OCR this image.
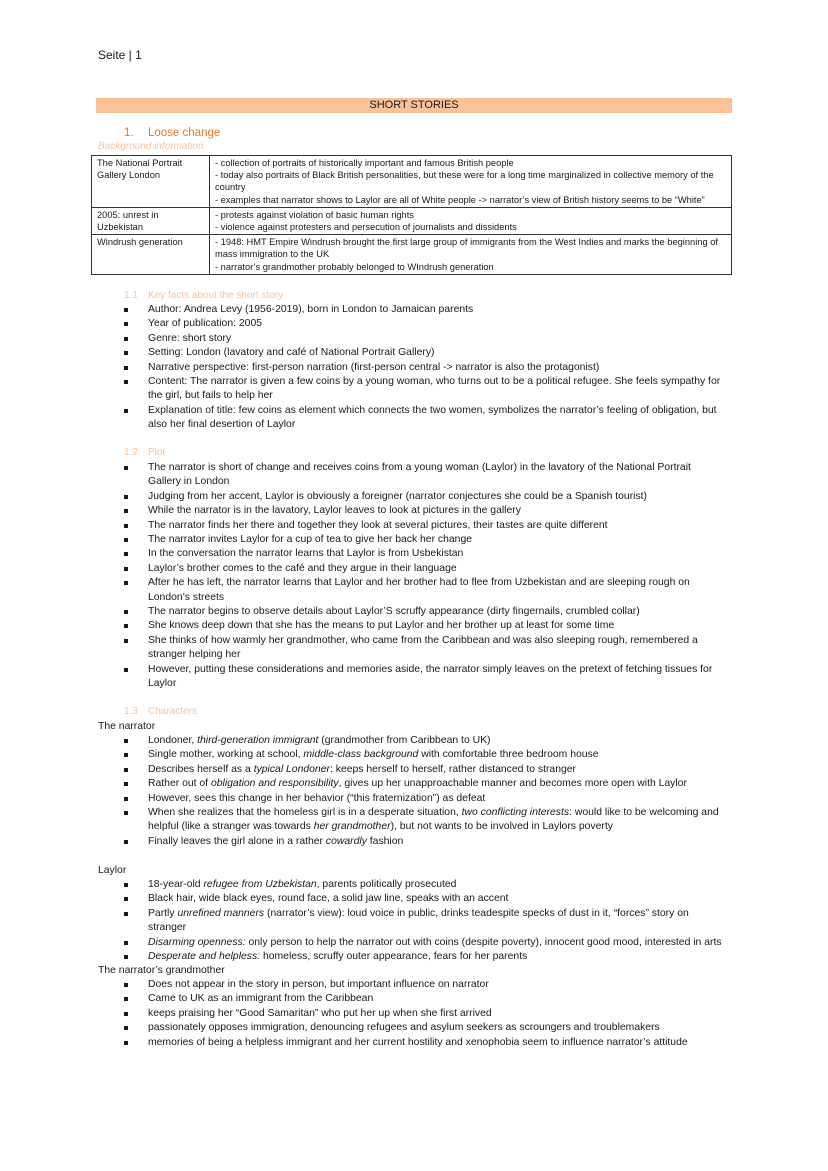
Seite | 1
SHORT STORIES
1. Loose change
Background information
The National Portrait Gallery London	- collection of portraits of historically important and famous British people
- today also portraits of Black British personalities, but these were for a long time marginalized in collective memory of the country
- examples that narrator shows to Laylor are all of White people -> narrator’s view of British history seems to be “White”

2005: unrest in Uzbekistan	- protests against violation of basic human rights
- violence against protesters and persecution of journalists and dissidents

Windrush generation	- 1948: HMT Empire Windrush brought the first large group of immigrants from the West Indies and marks the beginning of mass immigration to the UK
- narrator’s grandmother probably belonged to WIndrush generation
1.1 Key facts about the short story
Author: Andrea Levy (1956-2019), born in London to Jamaican parents
Year of publication: 2005
Genre: short story
Setting: London (lavatory and café of National Portrait Gallery)
Narrative perspective: first-person narration (first-person central -> narrator is also the protagonist)
Content: The narrator is given a few coins by a young woman, who turns out to be a political refugee. She feels sympathy for the girl, but fails to help her
Explanation of title: few coins as element which connects the two women, symbolizes the narrator’s feeling of obligation, but also her final desertion of Laylor
1.2 Plot
The narrator is short of change and receives coins from a young woman (Laylor) in the lavatory of the National Portrait Gallery in London
Judging from her accent, Laylor is obviously a foreigner (narrator conjectures she could be a Spanish tourist)
While the narrator is in the lavatory, Laylor leaves to look at pictures in the gallery
The narrator finds her there and together they look at several pictures, their tastes are quite different
The narrator invites Laylor for a cup of tea to give her back her change
In the conversation the narrator learns that Laylor is from Usbekistan
Laylor’s brother comes to the café and they argue in their language
After he has left, the narrator learns that Laylor and her brother had to flee from Uzbekistan and are sleeping rough on London’s streets
The narrator begins to observe details about Laylor’S scruffy appearance (dirty fingernails, crumbled collar)
She knows deep down that she has the means to put Laylor and her brother up at least for some time
She thinks of how warmly her grandmother, who came from the Caribbean and was also sleeping rough, remembered a stranger helping her
However, putting these considerations and memories aside, the narrator simply leaves on the pretext of fetching tissues for Laylor
1.3 Characters
The narrator
Londoner, third-generation immigrant (grandmother from Caribbean to UK)
Single mother, working at school, middle-class background with comfortable three bedroom house
Describes herself as a typical Londoner: keeps herself to herself, rather distanced to stranger
Rather out of obligation and responsibility, gives up her unapproachable manner and becomes more open with Laylor
However, sees this change in her behavior (“this fraternization”) as defeat
When she realizes that the homeless girl is in a desperate situation, two conflicting interests: would like to be welcoming and helpful (like a stranger was towards her grandmother), but not wants to be involved in Laylors poverty
Finally leaves the girl alone in a rather cowardly fashion
Laylor
18-year-old refugee from Uzbekistan, parents politically prosecuted
Black hair, wide black eyes, round face, a solid jaw line, speaks with an accent
Partly unrefined manners (narrator’s view): loud voice in public, drinks teadespite specks of dust in it, “forces” story on stranger
Disarming openness: only person to help the narrator out with coins (despite poverty), innocent good mood, interested in arts
Desperate and helpless: homeless, scruffy outer appearance, fears for her parents
The narrator’s grandmother
Does not appear in the story in person, but important influence on narrator
Came to UK as an immigrant from the Caribbean
keeps praising her “Good Samaritan” who put her up when she first arrived
passionately opposes immigration, denouncing refugees and asylum seekers as scroungers and troublemakers
memories of being a helpless immigrant and her current hostility and xenophobia seem to influence narrator’s attitude
